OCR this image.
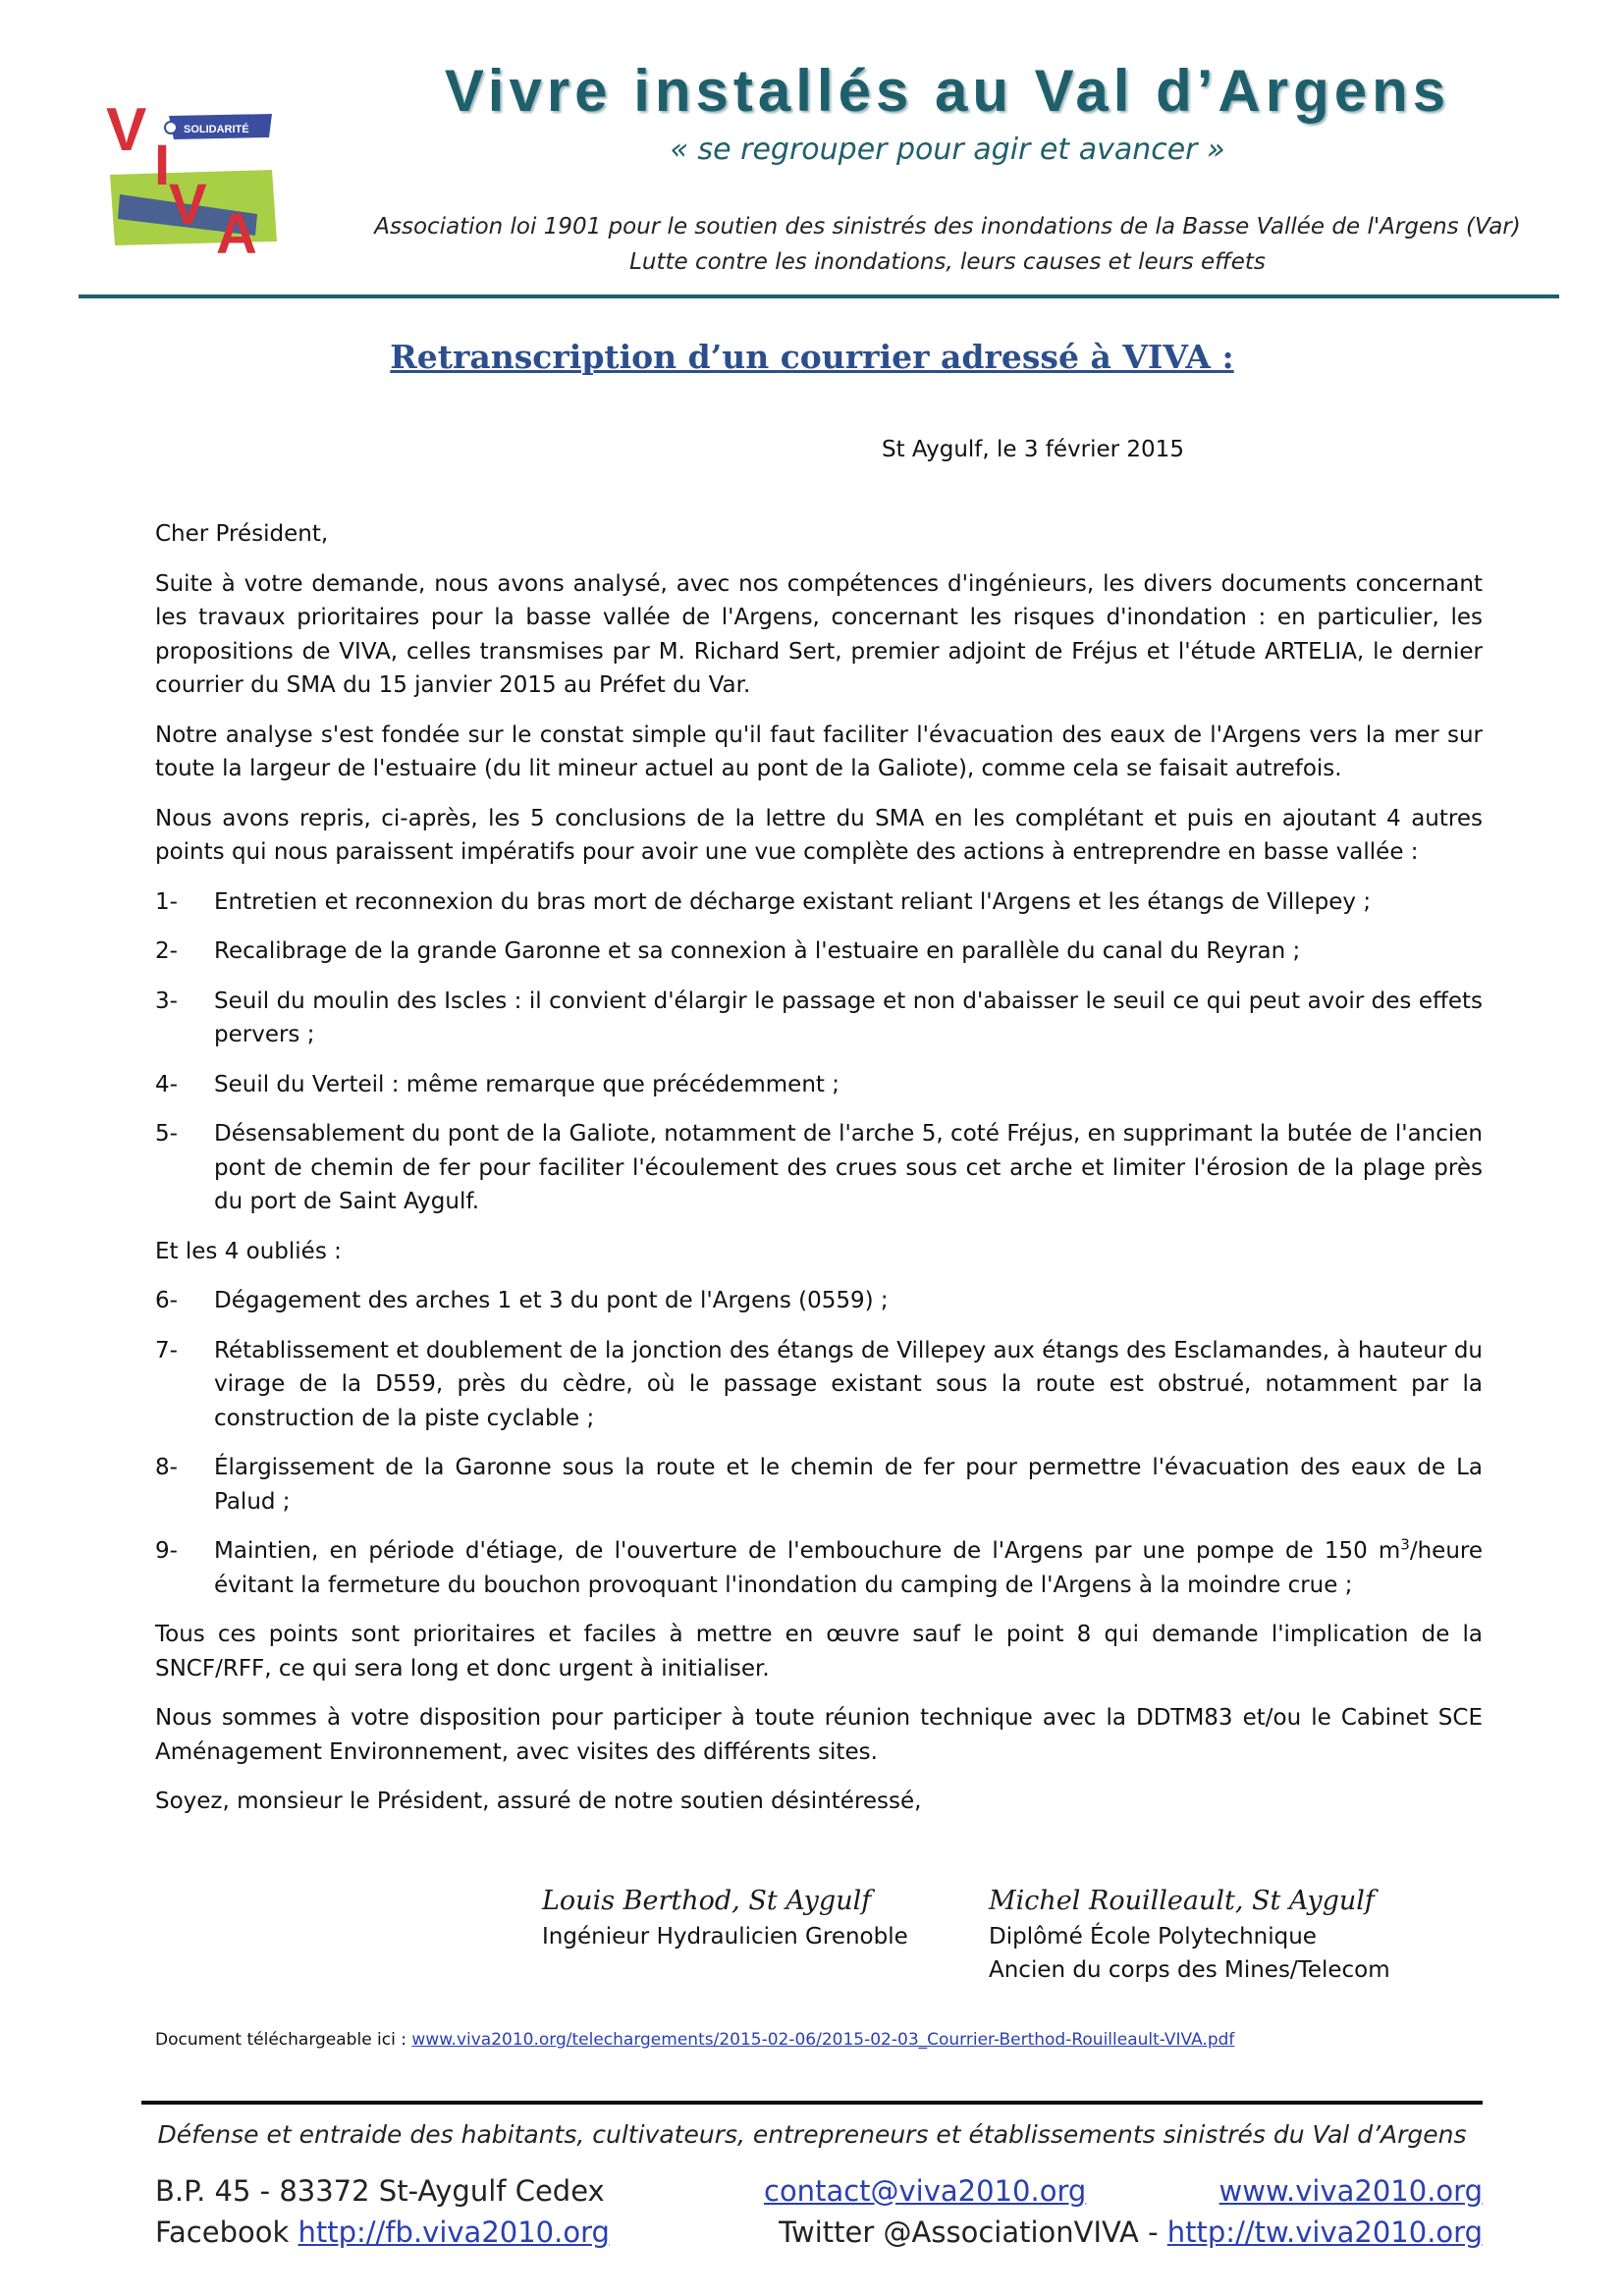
V
I
V A
SOLIDARITÉ
Vivre installés au Val d’Argens
« se regrouper pour agir et avancer »
Association loi 1901 pour le soutien des sinistrés des inondations de la Basse Vallée de l'Argens (Var)
Lutte contre les inondations, leurs causes et leurs effets
Retranscription d’un courrier adressé à VIVA :
St Aygulf, le 3 février 2015

Cher Président,

Suite à votre demande, nous avons analysé, avec nos compétences d'ingénieurs, les divers documents concernant les travaux prioritaires pour la basse vallée de l'Argens, concernant les risques d'inondation : en particulier, les propositions de VIVA, celles transmises par M. Richard Sert, premier adjoint de Fréjus et l'étude ARTELIA, le dernier courrier du SMA du 15 janvier 2015 au Préfet du Var.

Notre analyse s'est fondée sur le constat simple qu'il faut faciliter l'évacuation des eaux de l'Argens vers la mer sur toute la largeur de l'estuaire (du lit mineur actuel au pont de la Galiote), comme cela se faisait autrefois.

Nous avons repris, ci-après, les 5 conclusions de la lettre du SMA en les complétant et puis en ajoutant 4 autres points qui nous paraissent impératifs pour avoir une vue complète des actions à entreprendre en basse vallée :

1-	Entretien et reconnexion du bras mort de décharge existant reliant l'Argens et les étangs de Villepey ;
2-	Recalibrage de la grande Garonne et sa connexion à l'estuaire en parallèle du canal du Reyran ;
3-	Seuil du moulin des Iscles : il convient d'élargir le passage et non d'abaisser le seuil ce qui peut avoir des effets pervers ;
4-	Seuil du Verteil : même remarque que précédemment ;
5-	Désensablement du pont de la Galiote, notamment de l'arche 5, coté Fréjus, en supprimant la butée de l'ancien pont de chemin de fer pour faciliter l'écoulement des crues sous cet arche et limiter l'érosion de la plage près du port de Saint Aygulf.

Et les 4 oubliés :

6-	Dégagement des arches 1 et 3 du pont de l'Argens (0559) ;
7-	Rétablissement et doublement de la jonction des étangs de Villepey aux étangs des Esclamandes, à hauteur du virage de la D559, près du cèdre, où le passage existant sous la route est obstrué, notamment par la construction de la piste cyclable ;
8-	Élargissement de la Garonne sous la route et le chemin de fer pour permettre l'évacuation des eaux de La Palud ;
9-	Maintien, en période d'étiage, de l'ouverture de l'embouchure de l'Argens par une pompe de 150 $m^3$/heure évitant la fermeture du bouchon provoquant l'inondation du camping de l'Argens à la moindre crue ;

Tous ces points sont prioritaires et faciles à mettre en œuvre sauf le point 8 qui demande l'implication de la SNCF/RFF, ce qui sera long et donc urgent à initialiser.

Nous sommes à votre disposition pour participer à toute réunion technique avec la DDTM83 et/ou le Cabinet SCE Aménagement Environnement, avec visites des différents sites.

Soyez, monsieur le Président, assuré de notre soutien désintéressé,

Louis Berthod, St Aygulf
Ingénieur Hydraulicien Grenoble
Michel Rouilleault, St Aygulf
Diplômé École Polytechnique
Ancien du corps des Mines/Telecom
Document téléchargeable ici : www.viva2010.org/telechargements/2015-02-06/2015-02-03_Courrier-Berthod-Rouilleault-VIVA.pdf
Défense et entraide des habitants, cultivateurs, entrepreneurs et établissements sinistrés du Val d’Argens
B.P. 45 - 83372 St-Aygulf Cedex	contact@viva2010.org	www.viva2010.org
Facebook http://fb.viva2010.org	Twitter @AssociationVIVA - http://tw.viva2010.org
